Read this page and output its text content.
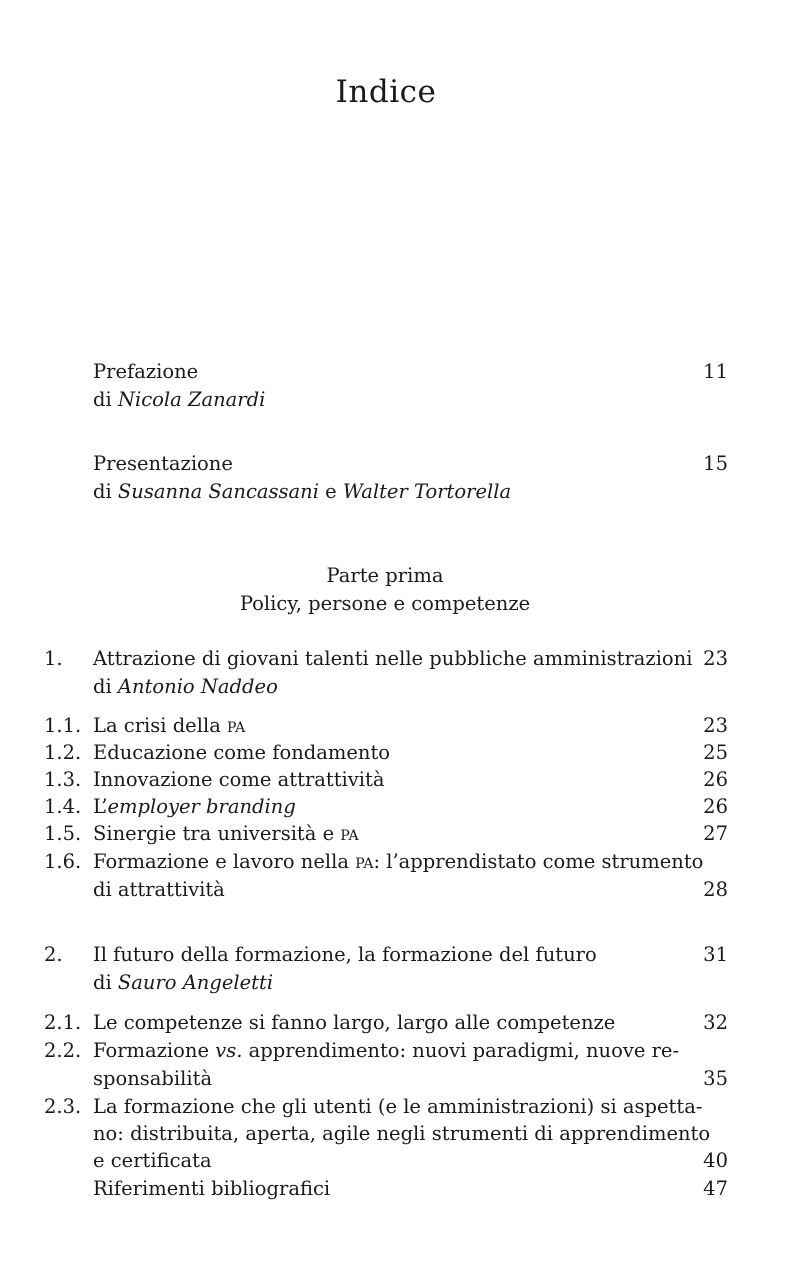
Indice
Prefazione	11
di Nicola Zanardi
Presentazione	15
di Susanna Sancassani e Walter Tortorella
Parte prima
Policy, persone e competenze
1. Attrazione di giovani talenti nelle pubbliche amministrazioni 23
di Antonio Naddeo
1.1. La crisi della pa	23
1.2. Educazione come fondamento	25
1.3. Innovazione come attrattività	26
1.4. L’employer branding	26
1.5. Sinergie tra università e pa	27
1.6. Formazione e lavoro nella pa: l’apprendistato come strumento
di attrattività	28
2. Il futuro della formazione, la formazione del futuro	31
di Sauro Angeletti
2.1. Le competenze si fanno largo, largo alle competenze	32
2.2. Formazione vs. apprendimento: nuovi paradigmi, nuove re-
sponsabilità	35
2.3. La formazione che gli utenti (e le amministrazioni) si aspetta-
no: distribuita, aperta, agile negli strumenti di apprendimento
e certificata	40
Riferimenti bibliografici	47
